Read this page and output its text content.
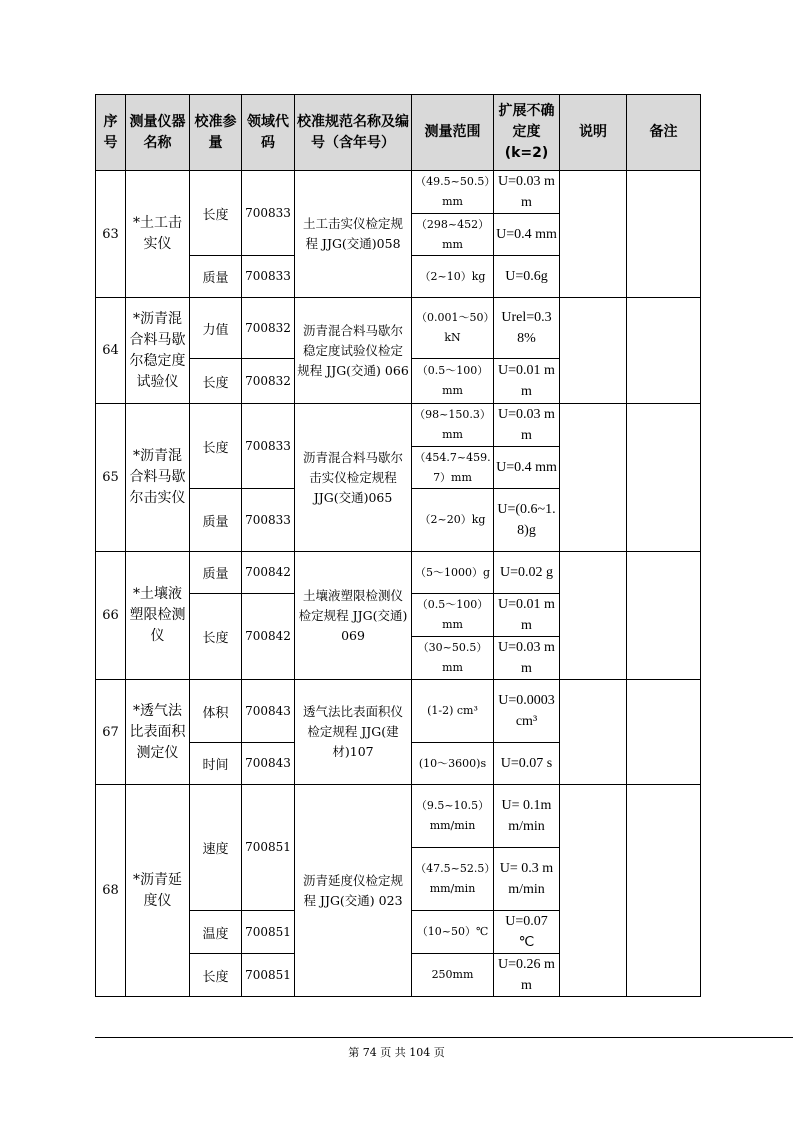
序号	测量仪器名称	校准参量	领域代码	校准规范名称及编号（含年号）	测量范围	扩展不确定度(k=2)	说明	备注
63	*土工击实仪	长度	700833	土工击实仪检定规程 JJG(交通)058	（49.5~50.5）mm	U=0.03 mm		
					（298~452）mm	U=0.4 mm		
		质量	700833		（2~10）kg	U=0.6g		
64	*沥青混合料马歇尔稳定度试验仪	力值	700832	沥青混合料马歇尔稳定度试验仪检定规程 JJG(交通) 066	（0.001～50）kN	Urel=0.38%		
		长度	700832		（0.5～100）mm	U=0.01 mm		
65	*沥青混合料马歇尔击实仪	长度	700833	沥青混合料马歇尔击实仪检定规程 JJG(交通)065	（98~150.3）mm	U=0.03 mm		
					（454.7~459.7）mm	U=0.4 mm		
		质量	700833		（2~20）kg	U=(0.6~1.8)g		
66	*土壤液塑限检测仪	质量	700842	土壤液塑限检测仪检定规程 JJG(交通) 069	（5～1000）g	U=0.02 g		
		长度	700842		（0.5～100）mm	U=0.01 mm		
					（30~50.5）mm	U=0.03 mm		
67	*透气法比表面积测定仪	体积	700843	透气法比表面积仪检定规程 JJG(建材)107	(1-2) cm³	U=0.0003 cm³		
		时间	700843		(10～3600)s	U=0.07 s		
68	*沥青延度仪	速度	700851	沥青延度仪检定规程 JJG(交通) 023	（9.5~10.5）mm/min	U= 0.1mm/min		
					（47.5~52.5）mm/min	U= 0.3 mm/min		
		温度	700851		（10~50）℃	U=0.07 ℃		
		长度	700851		250mm	U=0.26 mm		
第 74 页 共 104 页
